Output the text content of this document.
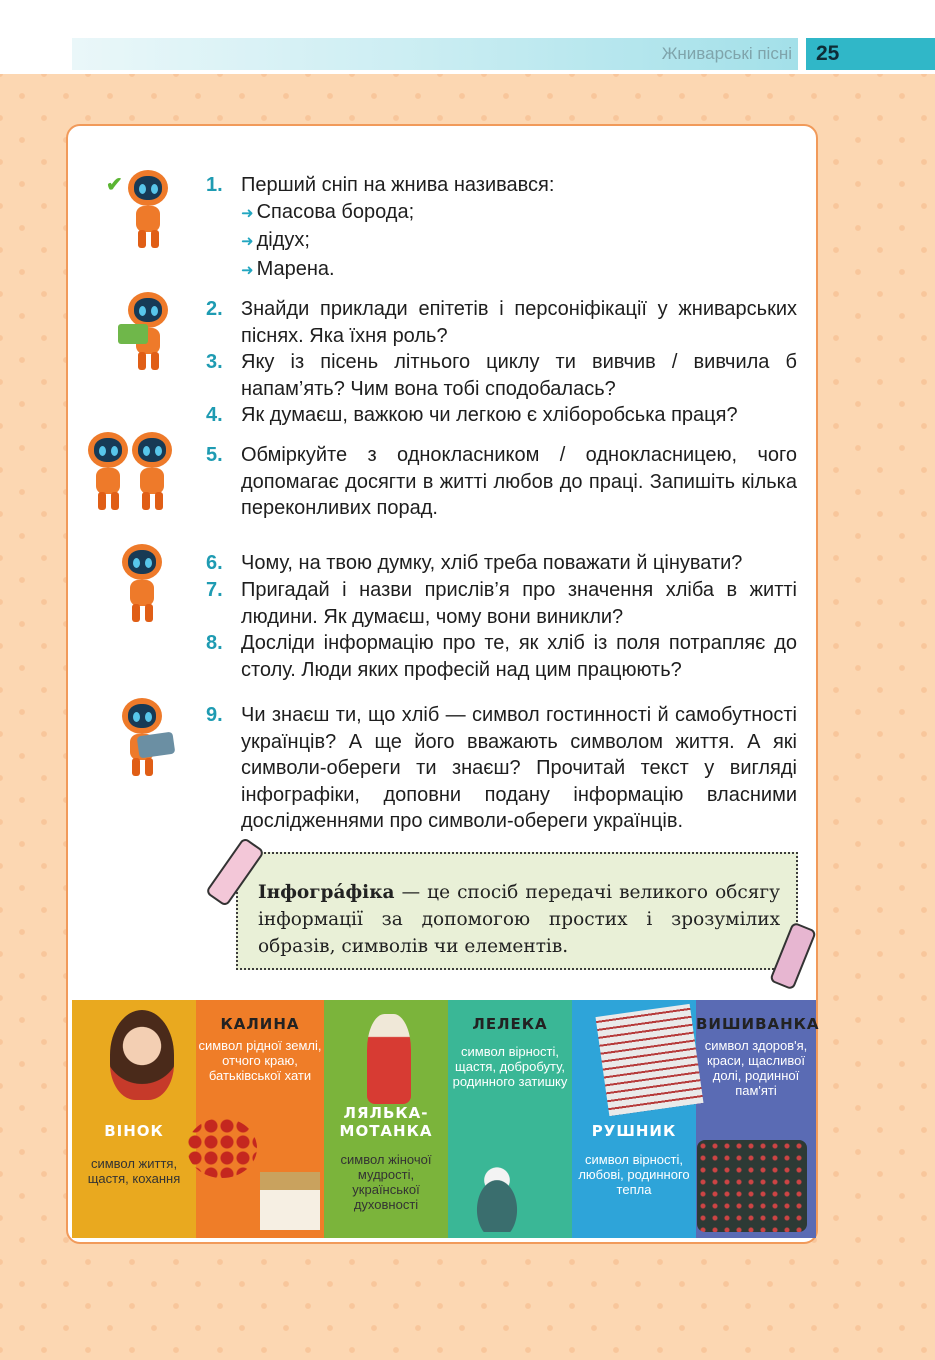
Жниварські пісні 25
✔	1. Перший сніп на жнива називався:
➜ Спасова борода;
➜ дідух;
➜ Марена.
2. Знайди приклади епітетів і персоніфікації у жниварських піснях. Яка їхня роль?
3. Яку із пісень літнього циклу ти вивчив / вивчила б напам’ять? Чим вона тобі сподобалась?
4. Як думаєш, важкою чи легкою є хліборобська праця?
5. Обміркуйте з однокласником / однокласницею, чого допомагає досягти в житті любов до праці. Запишіть кілька переконливих порад.
6. Чому, на твою думку, хліб треба поважати й цінувати?
7. Пригадай і назви прислів’я про значення хліба в житті людини. Як думаєш, чому вони виникли?
8. Досліди інформацію про те, як хліб із поля потрапляє до столу. Люди яких професій над цим працюють?
9. Чи знаєш ти, що хліб — символ гостинності й самобутності українців? А ще його вважають символом життя. А які символи-обереги ти знаєш? Прочитай текст у вигляді інфографіки, доповни подану інформацію власними дослідженнями про символи-обереги українців.
Інфогра́фіка — це спосіб передачі великого обсягу інформації за допомогою простих і зрозумілих образів, символів чи елементів.
ВІНОК
символ життя, щастя, кохання
КАЛИНА
символ рідної землі, отчого краю, батьківської хати
ЛЯЛЬКА-МОТАНКА
символ жіночої мудрості, української духовності
ЛЕЛЕКА
символ вірності, щастя, добробуту, родинного затишку
РУШНИК
символ вірності, любові, родинного тепла
ВИШИВАНКА
символ здоров'я, краси, щасливої долі, родинної пам'яті
